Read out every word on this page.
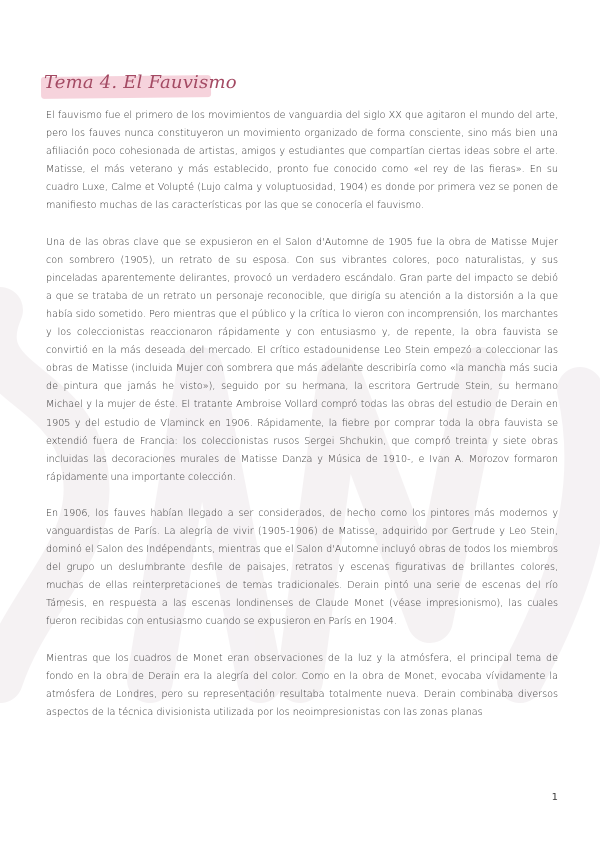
Tema 4. El Fauvismo

El fauvismo fue el primero de los movimientos de vanguardia del siglo XX que agitaron el mundo del arte, pero los fauves nunca constituyeron un movimiento organizado de forma consciente, sino más bien una afiliación poco cohesionada de artistas, amigos y estudiantes que compartían ciertas ideas sobre el arte. Matisse, el más veterano y más establecido, pronto fue conocido como «el rey de las fieras». En su cuadro Luxe, Calme et Volupté (Lujo calma y voluptuosidad, 1904) es donde por primera vez se ponen de manifiesto muchas de las características por las que se conocería el fauvismo.

Una de las obras clave que se expusieron en el Salon d'Automne de 1905 fue la obra de Matisse Mujer con sombrero (1905), un retrato de su esposa. Con sus vibrantes colores, poco naturalistas, y sus pinceladas aparentemente delirantes, provocó un verdadero escándalo. Gran parte del impacto se debió a que se trataba de un retrato un personaje reconocible, que dirigía su atención a la distorsión a la que había sido sometido. Pero mientras que el público y la crítica lo vieron con incomprensión, los marchantes y los coleccionistas reaccionaron rápidamente y con entusiasmo y, de repente, la obra fauvista se convirtió en la más deseada del mercado. El crítico estadounidense Leo Stein empezó a coleccionar las obras de Matisse (incluida Mujer con sombrera que más adelante describiría como «la mancha más sucia de pintura que jamás he visto»), seguido por su hermana, la escritora Gertrude Stein, su hermano Michael y la mujer de éste. El tratante Ambroise Vollard compró todas las obras del estudio de Derain en 1905 y del estudio de Vlaminck en 1906. Rápidamente, la fiebre por comprar toda la obra fauvista se extendió fuera de Francia: los coleccionistas rusos Sergei Shchukin, que compró treinta y siete obras incluidas las decoraciones murales de Matisse Danza y Música de 1910-, e Ivan A. Morozov formaron rápidamente una importante colección.

En 1906, los fauves habían llegado a ser considerados, de hecho como los pintores más modernos y vanguardistas de París. La alegría de vivir (1905-1906) de Matisse, adquirido por Gertrude y Leo Stein, dominó el Salon des Indépendants, mientras que el Salon d'Automne incluyó obras de todos los miembros del grupo un deslumbrante desfile de paisajes, retratos y escenas figurativas de brillantes colores, muchas de ellas reinterpretaciones de temas tradicionales. Derain pintó una serie de escenas del río Támesis, en respuesta a las escenas londinenses de Claude Monet (véase impresionismo), las cuales fueron recibidas con entusiasmo cuando se expusieron en París en 1904.

Mientras que los cuadros de Monet eran observaciones de la luz y la atmósfera, el principal tema de fondo en la obra de Derain era la alegría del color. Como en la obra de Monet, evocaba vívidamente la atmósfera de Londres, pero su representación resultaba totalmente nueva. Derain combinaba diversos aspectos de la técnica divisionista utilizada por los neoimpresionistas con las zonas planas

1
